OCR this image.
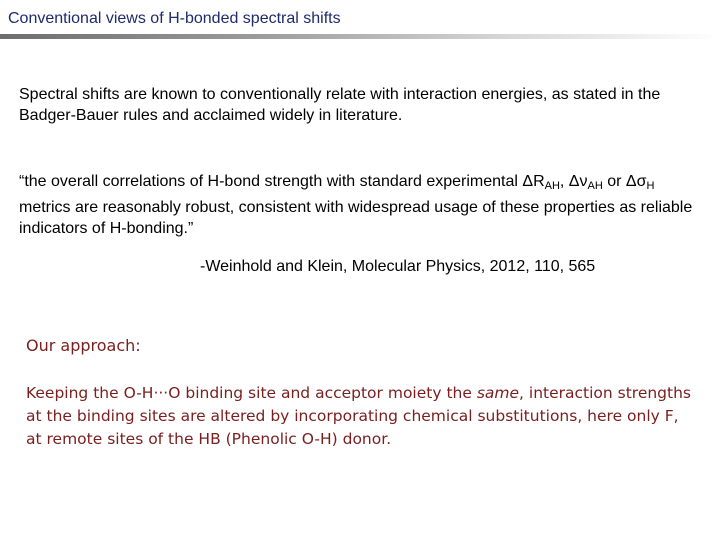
Conventional views of H-bonded spectral shifts
Spectral shifts are known to conventionally relate with interaction energies, as stated in the Badger-Bauer rules and acclaimed widely in literature.
“the overall correlations of H-bond strength with standard experimental $\Delta R_{AH}$, $\Delta\nu_{AH}$ or $\Delta\sigma_H$ metrics are reasonably robust, consistent with widespread usage of these properties as reliable indicators of H-bonding.”
-Weinhold and Klein, Molecular Physics, 2012, 110, 565
Our approach:
Keeping the O-H···O binding site and acceptor moiety the same, interaction strengths at the binding sites are altered by incorporating chemical substitutions, here only F, at remote sites of the HB (Phenolic O-H) donor.
